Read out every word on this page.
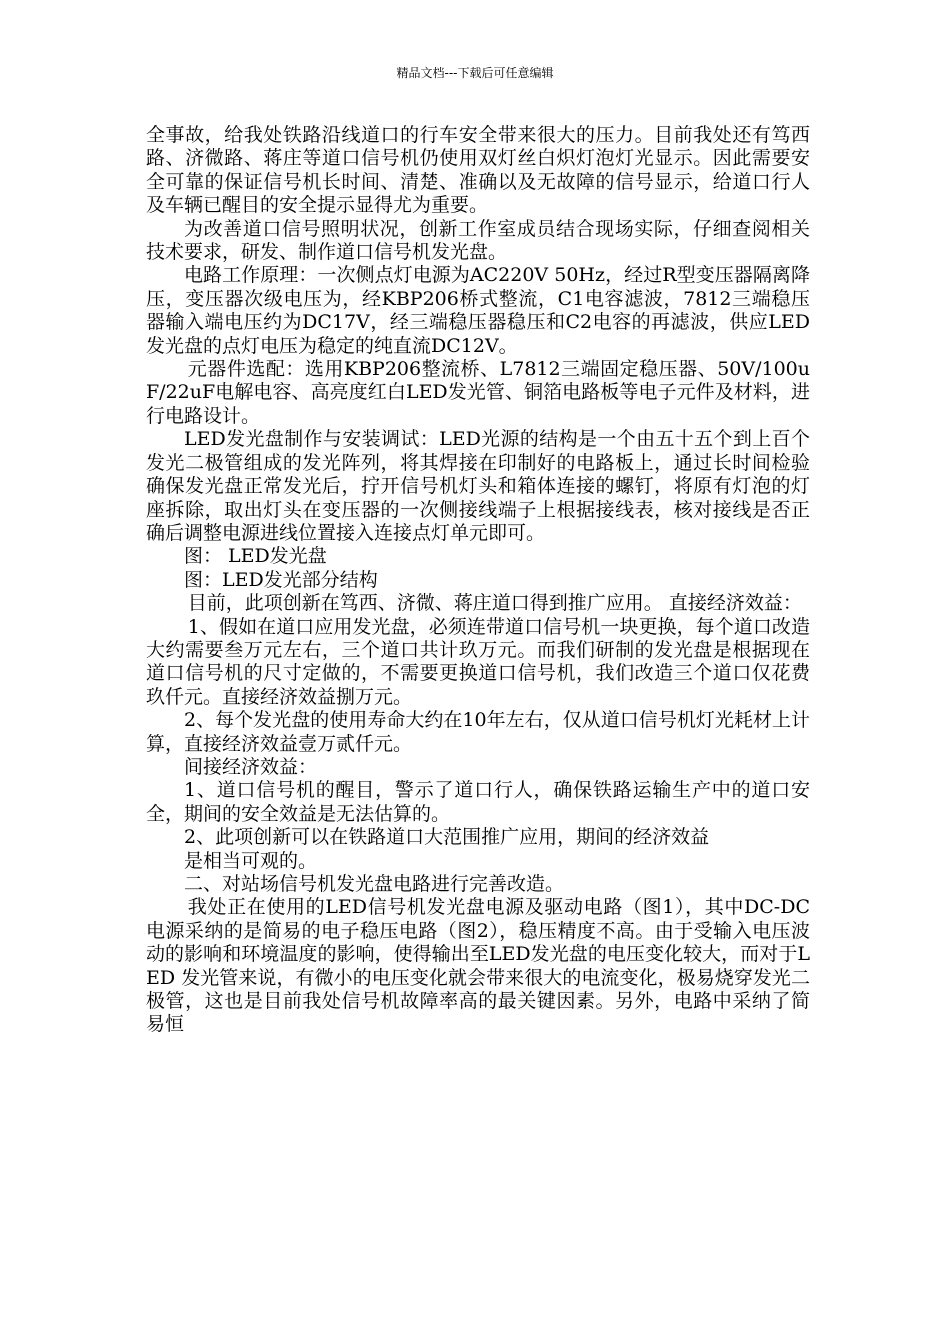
精品文档---下载后可任意编辑

全事故，给我处铁路沿线道口的行车安全带来很大的压力。目前我处还有笃西路、济微路、蒋庄等道口信号机仍使用双灯丝白炽灯泡灯光显示。因此需要安全可靠的保证信号机长时间、清楚、准确以及无故障的信号显示，给道口行人及车辆已醒目的安全提示显得尤为重要。

为改善道口信号照明状况，创新工作室成员结合现场实际，仔细查阅相关技术要求，研发、制作道口信号机发光盘。

电路工作原理：一次侧点灯电源为AC220V 50Hz，经过R型变压器隔离降压，变压器次级电压为，经KBP206桥式整流，C1电容滤波，7812三端稳压器输入端电压约为DC17V，经三端稳压器稳压和C2电容的再滤波，供应LED发光盘的点灯电压为稳定的纯直流DC12V。

元器件选配：选用KBP206整流桥、L7812三端固定稳压器、50V/100uF/22uF电解电容、高亮度红白LED发光管、铜箔电路板等电子元件及材料，进行电路设计。

LED发光盘制作与安装调试：LED光源的结构是一个由五十五个到上百个发光二极管组成的发光阵列，将其焊接在印制好的电路板上，通过长时间检验确保发光盘正常发光后，拧开信号机灯头和箱体连接的螺钉，将原有灯泡的灯座拆除，取出灯头在变压器的一次侧接线端子上根据接线表，核对接线是否正确后调整电源进线位置接入连接点灯单元即可。

图： LED发光盘

图：LED发光部分结构

目前，此项创新在笃西、济微、蒋庄道口得到推广应用。 直接经济效益：

1、假如在道口应用发光盘，必须连带道口信号机一块更换，每个道口改造大约需要叁万元左右，三个道口共计玖万元。而我们研制的发光盘是根据现在道口信号机的尺寸定做的，不需要更换道口信号机，我们改造三个道口仅花费玖仟元。直接经济效益捌万元。

2、每个发光盘的使用寿命大约在10年左右，仅从道口信号机灯光耗材上计算，直接经济效益壹万贰仟元。

间接经济效益：

1、道口信号机的醒目，警示了道口行人，确保铁路运输生产中的道口安全，期间的安全效益是无法估算的。

2、此项创新可以在铁路道口大范围推广应用，期间的经济效益

是相当可观的。

二、对站场信号机发光盘电路进行完善改造。

我处正在使用的LED信号机发光盘电源及驱动电路（图1），其中DC-DC电源采纳的是简易的电子稳压电路（图2），稳压精度不高。由于受输入电压波动的影响和环境温度的影响，使得输出至LED发光盘的电压变化较大，而对于LED 发光管来说，有微小的电压变化就会带来很大的电流变化，极易烧穿发光二极管，这也是目前我处信号机故障率高的最关键因素。另外，电路中采纳了简易恒
